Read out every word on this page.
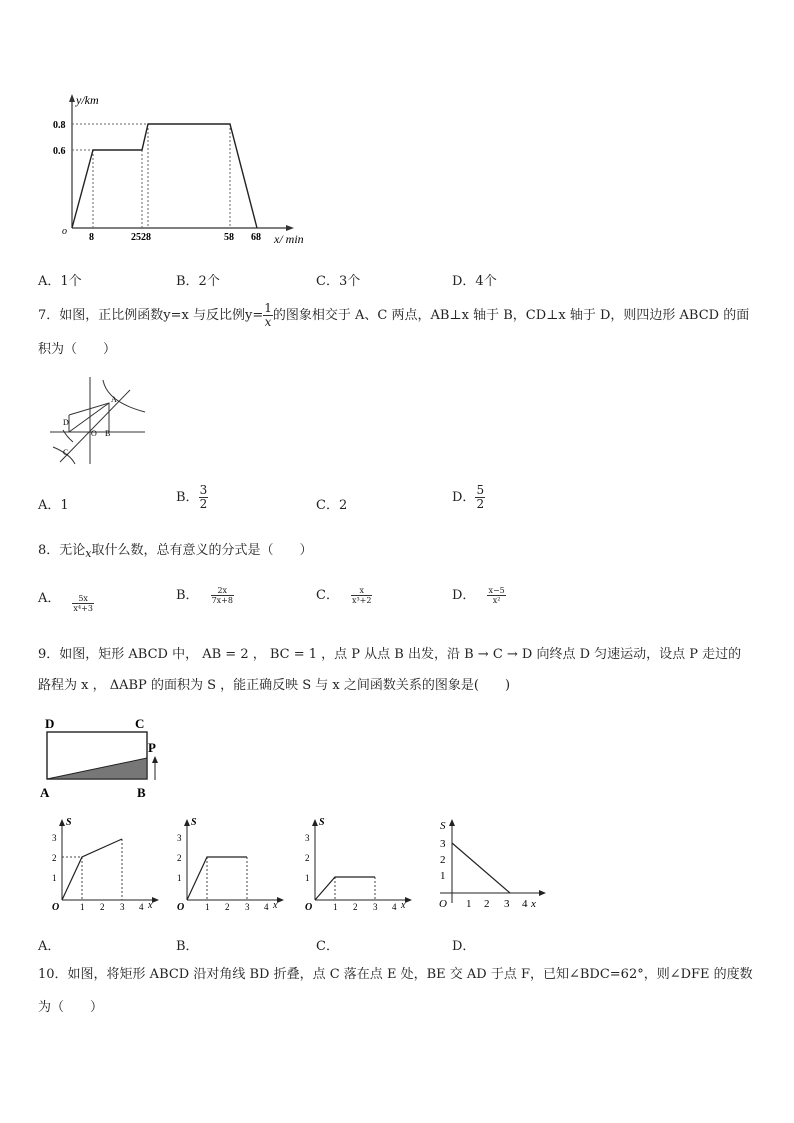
y/km
0.8
0.6
o
8	2528	58 68 x/ min
A．1个	B．2个	C．3个	D．4个
7．如图，正比例函数y=x 与反比例$y= \frac{1}{x}$ 的图象相交于 A、C 两点，AB⊥x 轴于 B，CD⊥x 轴于 D，则四边形 ABCD 的面
积为（　　）
A
B
C
D
O
A．1
B． $\frac{3}{2}$	C．2
D． $\frac{5}{2}$
8．无论$_x$取什么数，总有意义的分式是（　　）
A． $\frac{5x}{\text{x⁴+3}}$	B． $\frac{2x}{7x+8}$	C． $\frac{x}{\text{x³+2}}$	D． $\frac{x-5}{\text{x²}}$
9．如图，矩形 ABCD 中， AB = 2 ， BC = 1 ，点 P 从点 B 出发，沿 B → C → D 向终点 D 匀速运动，设点 P 走过的
路程为 x ， ΔABP 的面积为 S ，能正确反映 S 与 x 之间函数关系的图象是(　　)
D	C
P
A	B
S
3
2
1
O 1 2 3 4 x
S
3
2
1
O 1 2 3 4 x
S
3
2
1
O 1 2 3 4 x
S
3
2
1
O 1 2 3 4 x
A．	B．	C．	D．
10．如图，将矩形 ABCD 沿对角线 BD 折叠，点 C 落在点 E 处，BE 交 AD 于点 F，已知∠BDC=62°，则∠DFE 的度数
为（　　）
